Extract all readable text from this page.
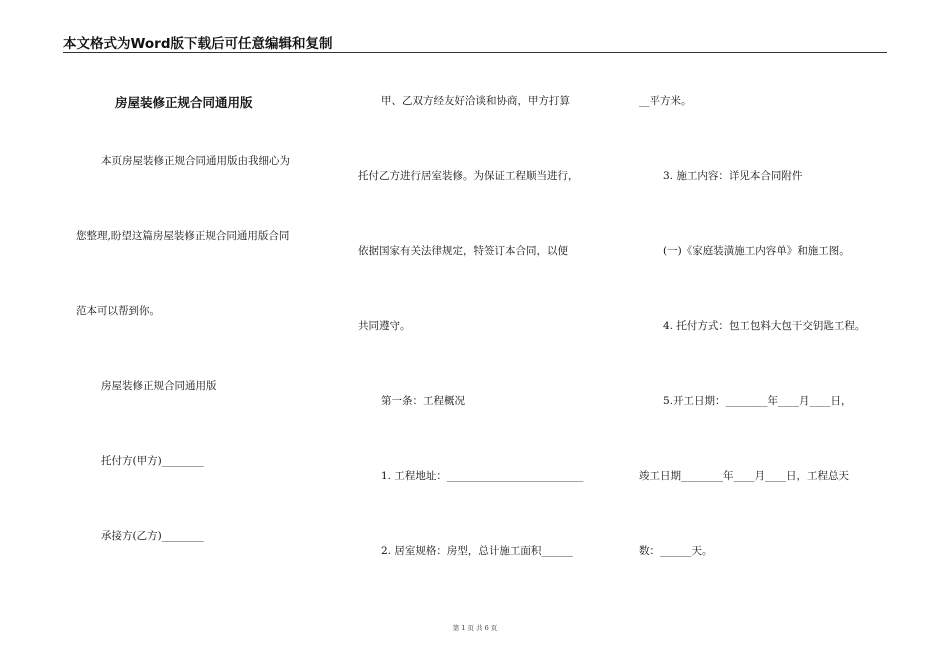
本文格式为Word版下载后可任意编辑和复制
房屋装修正规合同通用版
本页房屋装修正规合同通用版由我细心为
您整理,盼望这篇房屋装修正规合同通用版合同
范本可以帮到你。
房屋装修正规合同通用版
托付方(甲方)________
承接方(乙方)________
甲、乙双方经友好洽谈和协商，甲方打算
托付乙方进行居室装修。为保证工程顺当进行，
依据国家有关法律规定，特签订本合同，以便
共同遵守。
第一条：工程概况
1. 工程地址：__________________________
2. 居室规格：房型，总计施工面积______
__平方米。
3. 施工内容：详见本合同附件
(一)《家庭装潢施工内容单》和施工图。
4. 托付方式：包工包料大包干交钥匙工程。
5.开工日期：________年____月____日，
竣工日期________年____月____日，工程总天
数：______天。
第 1 页 共 6 页
